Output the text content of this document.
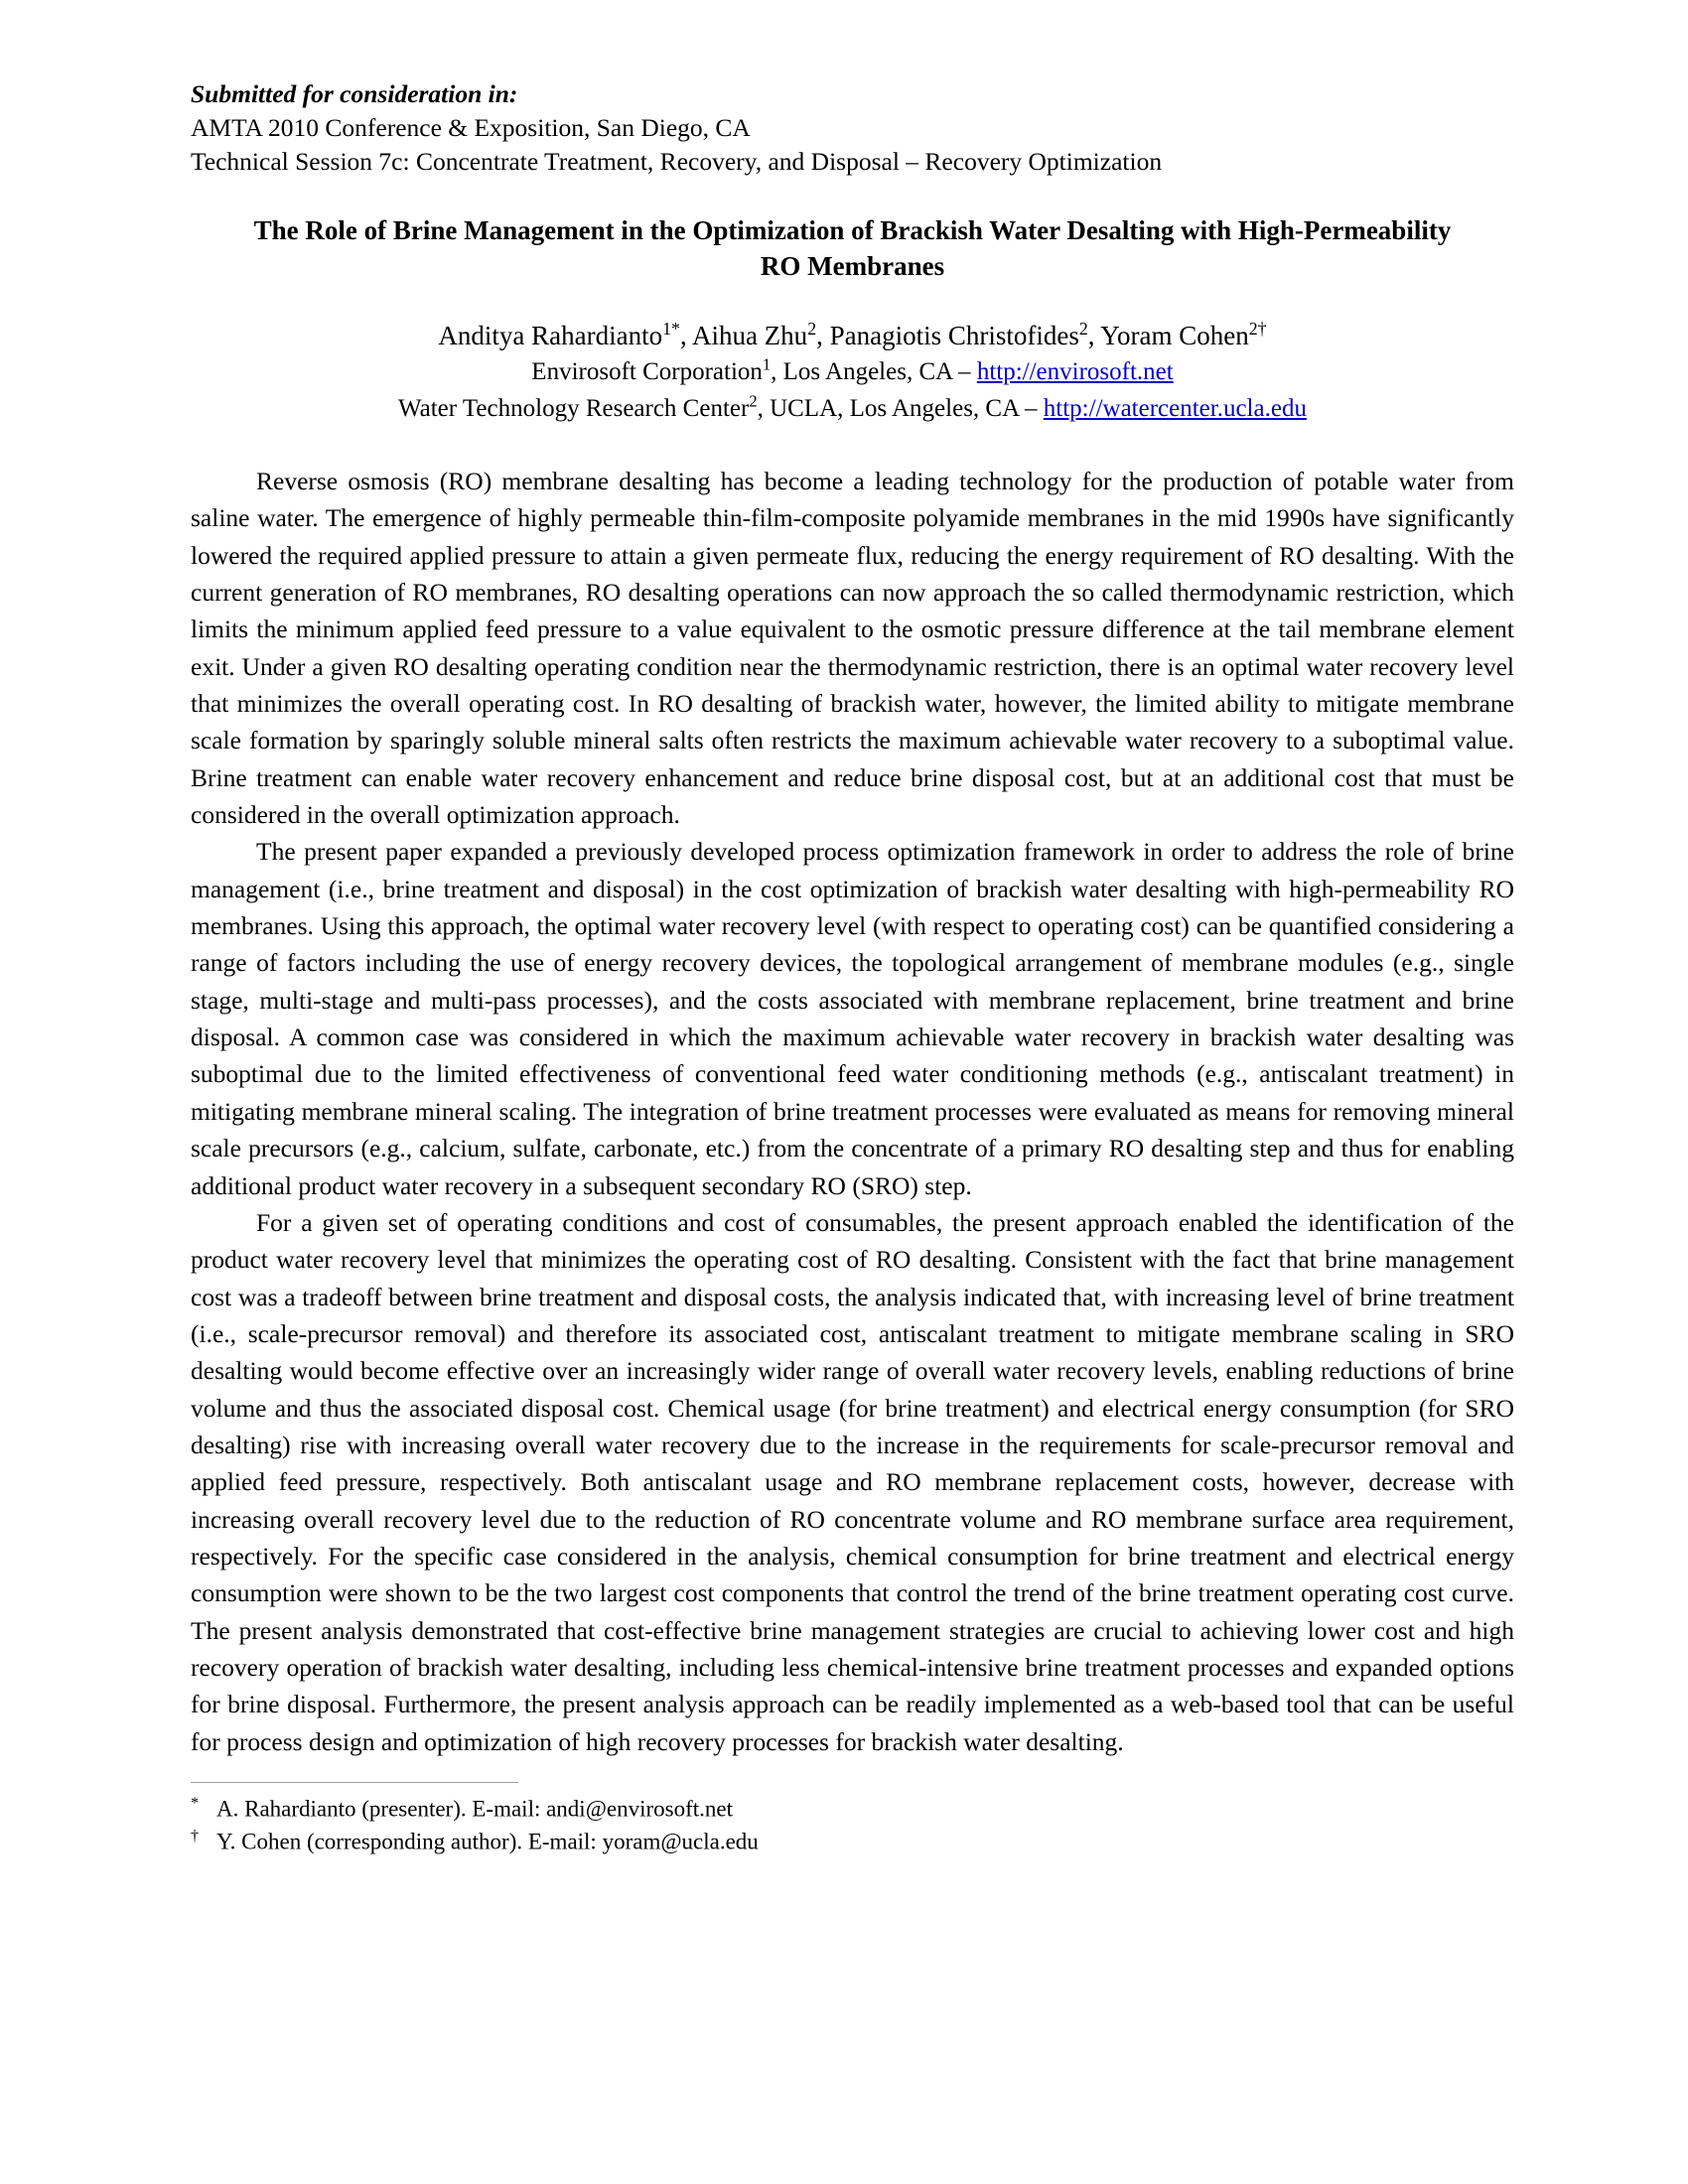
Submitted for consideration in:
AMTA 2010 Conference & Exposition, San Diego, CA
Technical Session 7c: Concentrate Treatment, Recovery, and Disposal – Recovery Optimization
The Role of Brine Management in the Optimization of Brackish Water Desalting with High-Permeability RO Membranes
Anditya Rahardianto$^{1*}$, Aihua Zhu$^2$, Panagiotis Christofides$^2$, Yoram Cohen$^{2\dagger}$
Envirosoft Corporation$^1$, Los Angeles, CA – http://envirosoft.net
Water Technology Research Center$^2$, UCLA, Los Angeles, CA – http://watercenter.ucla.edu

Reverse osmosis (RO) membrane desalting has become a leading technology for the production of potable water from saline water. The emergence of highly permeable thin-film-composite polyamide membranes in the mid 1990s have significantly lowered the required applied pressure to attain a given permeate flux, reducing the energy requirement of RO desalting. With the current generation of RO membranes, RO desalting operations can now approach the so called thermodynamic restriction, which limits the minimum applied feed pressure to a value equivalent to the osmotic pressure difference at the tail membrane element exit. Under a given RO desalting operating condition near the thermodynamic restriction, there is an optimal water recovery level that minimizes the overall operating cost. In RO desalting of brackish water, however, the limited ability to mitigate membrane scale formation by sparingly soluble mineral salts often restricts the maximum achievable water recovery to a suboptimal value. Brine treatment can enable water recovery enhancement and reduce brine disposal cost, but at an additional cost that must be considered in the overall optimization approach.

The present paper expanded a previously developed process optimization framework in order to address the role of brine management (i.e., brine treatment and disposal) in the cost optimization of brackish water desalting with high-permeability RO membranes. Using this approach, the optimal water recovery level (with respect to operating cost) can be quantified considering a range of factors including the use of energy recovery devices, the topological arrangement of membrane modules (e.g., single stage, multi-stage and multi-pass processes), and the costs associated with membrane replacement, brine treatment and brine disposal. A common case was considered in which the maximum achievable water recovery in brackish water desalting was suboptimal due to the limited effectiveness of conventional feed water conditioning methods (e.g., antiscalant treatment) in mitigating membrane mineral scaling. The integration of brine treatment processes were evaluated as means for removing mineral scale precursors (e.g., calcium, sulfate, carbonate, etc.) from the concentrate of a primary RO desalting step and thus for enabling additional product water recovery in a subsequent secondary RO (SRO) step.

For a given set of operating conditions and cost of consumables, the present approach enabled the identification of the product water recovery level that minimizes the operating cost of RO desalting. Consistent with the fact that brine management cost was a tradeoff between brine treatment and disposal costs, the analysis indicated that, with increasing level of brine treatment (i.e., scale-precursor removal) and therefore its associated cost, antiscalant treatment to mitigate membrane scaling in SRO desalting would become effective over an increasingly wider range of overall water recovery levels, enabling reductions of brine volume and thus the associated disposal cost. Chemical usage (for brine treatment) and electrical energy consumption (for SRO desalting) rise with increasing overall water recovery due to the increase in the requirements for scale-precursor removal and applied feed pressure, respectively. Both antiscalant usage and RO membrane replacement costs, however, decrease with increasing overall recovery level due to the reduction of RO concentrate volume and RO membrane surface area requirement, respectively. For the specific case considered in the analysis, chemical consumption for brine treatment and electrical energy consumption were shown to be the two largest cost components that control the trend of the brine treatment operating cost curve. The present analysis demonstrated that cost-effective brine management strategies are crucial to achieving lower cost and high recovery operation of brackish water desalting, including less chemical-intensive brine treatment processes and expanded options for brine disposal. Furthermore, the present analysis approach can be readily implemented as a web-based tool that can be useful for process design and optimization of high recovery processes for brackish water desalting.

* A. Rahardianto (presenter). E-mail: andi@envirosoft.net
† Y. Cohen (corresponding author). E-mail: yoram@ucla.edu
